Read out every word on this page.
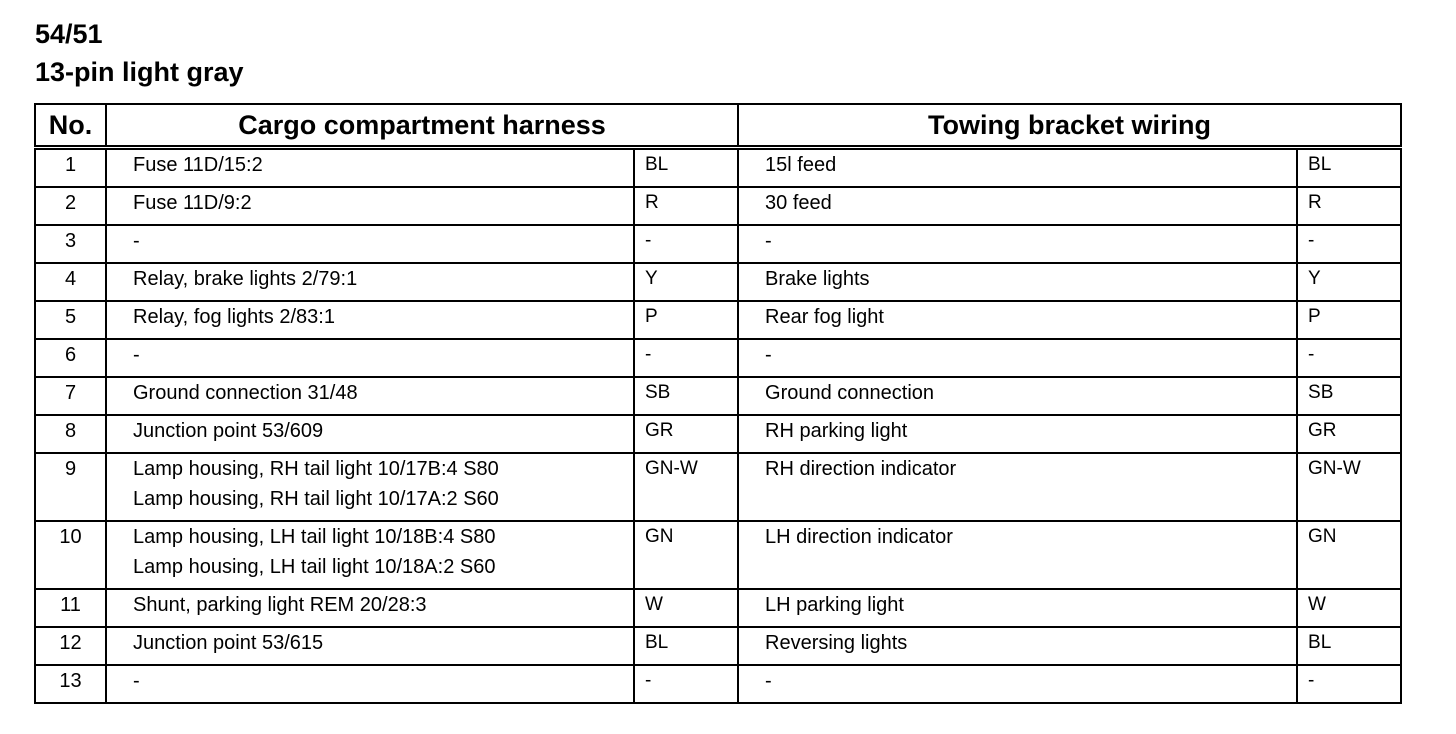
54/51
13-pin light gray
No.	Cargo compartment harness		Towing bracket wiring	
1	Fuse 11D/15:2	BL	15l feed	BL
2	Fuse 11D/9:2	R	30 feed	R
3	-	-	-	-
4	Relay, brake lights 2/79:1	Y	Brake lights	Y
5	Relay, fog lights 2/83:1	P	Rear fog light	P
6	-	-	-	-
7	Ground connection 31/48	SB	Ground connection	SB
8	Junction point 53/609	GR	RH parking light	GR
9	Lamp housing, RH tail light 10/17B:4 S80
Lamp housing, RH tail light 10/17A:2 S60	GN-W	RH direction indicator	GN-W
10	Lamp housing, LH tail light 10/18B:4 S80
Lamp housing, LH tail light 10/18A:2 S60	GN	LH direction indicator	GN
11	Shunt, parking light REM 20/28:3	W	LH parking light	W
12	Junction point 53/615	BL	Reversing lights	BL
13	-	-	-	-
